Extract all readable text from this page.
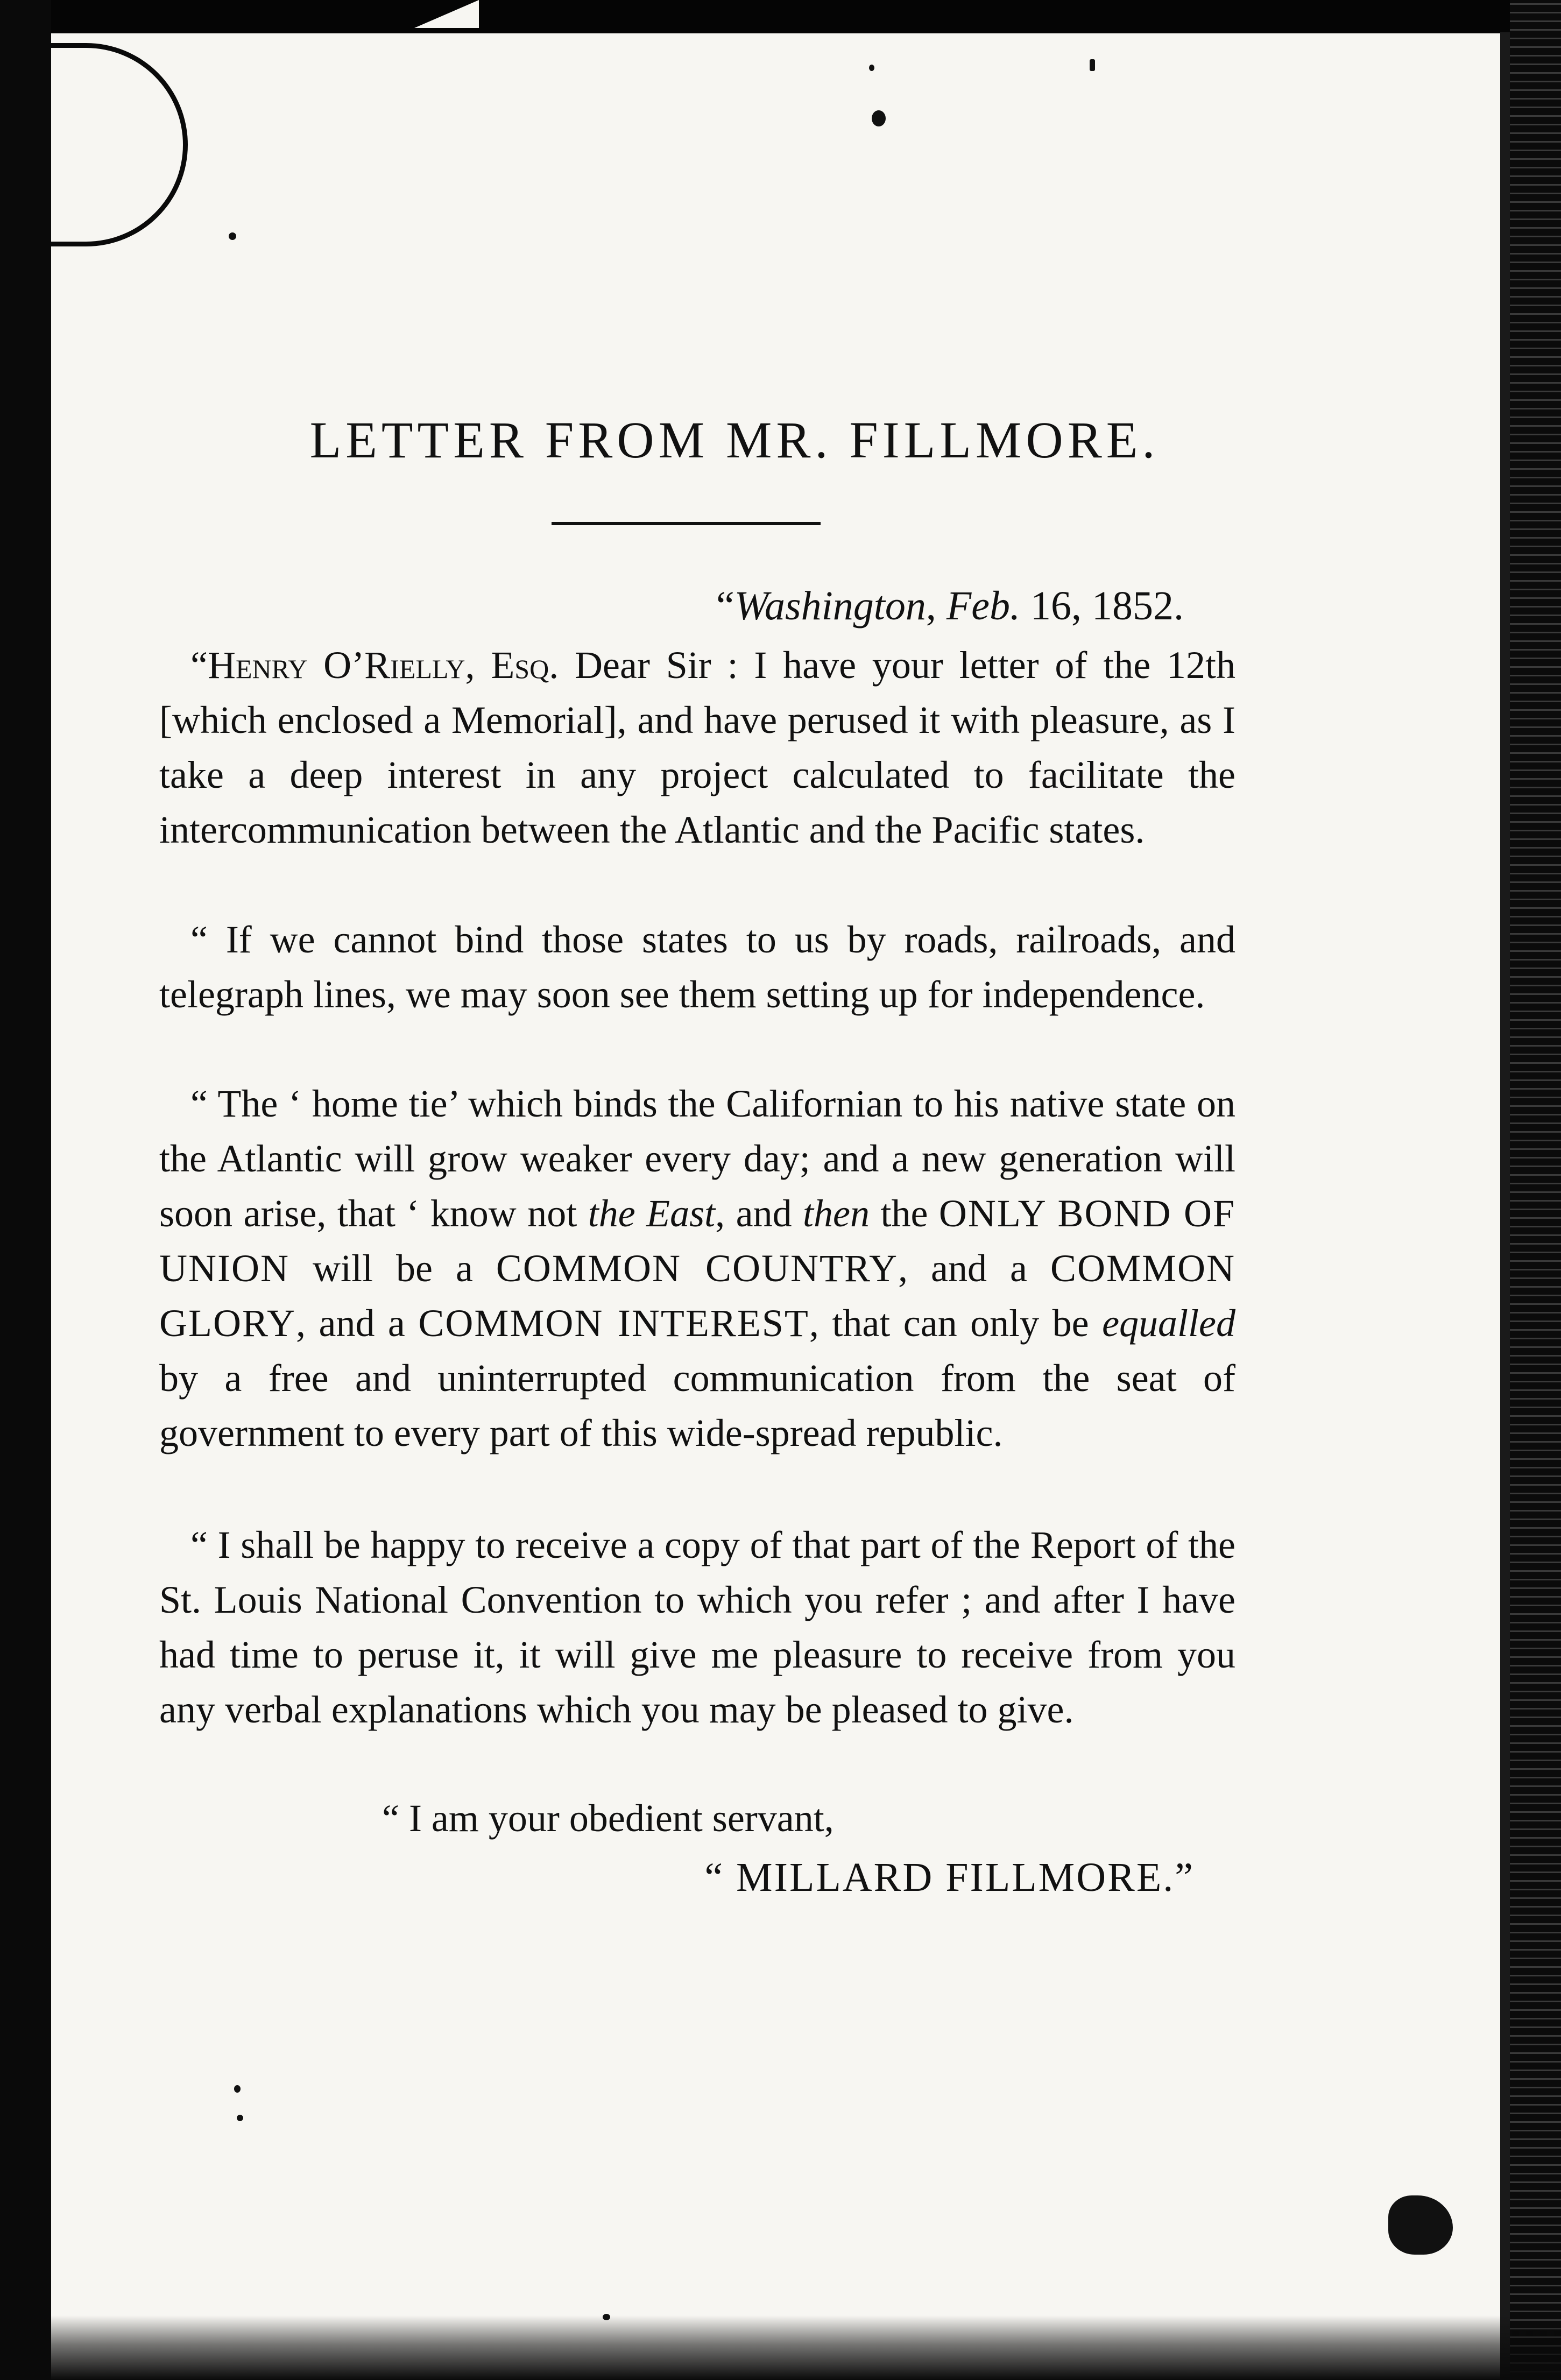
LETTER FROM MR. FILLMORE.
“Washington, Feb. 16, 1852.

“Henry O’Rielly, Esq. Dear Sir : I have your letter of the 12th [which enclosed a Memorial], and have perused it with pleasure, as I take a deep interest in any project calculated to facilitate the intercommunication between the Atlantic and the Pacific states.

“ If we cannot bind those states to us by roads, railroads, and telegraph lines, we may soon see them setting up for independence.

“ The ‘ home tie’ which binds the Californian to his native state on the Atlantic will grow weaker every day; and a new generation will soon arise, that ‘ know not the East, and then the ONLY BOND OF UNION will be a COMMON COUNTRY, and a COMMON GLORY, and a COMMON INTEREST, that can only be equalled by a free and uninterrupted communication from the seat of government to every part of this wide-spread republic.

“ I shall be happy to receive a copy of that part of the Report of the St. Louis National Convention to which you refer ; and after I have had time to peruse it, it will give me pleasure to receive from you any verbal explanations which you may be pleased to give.

“ I am your obedient servant,
“ MILLARD FILLMORE.”
